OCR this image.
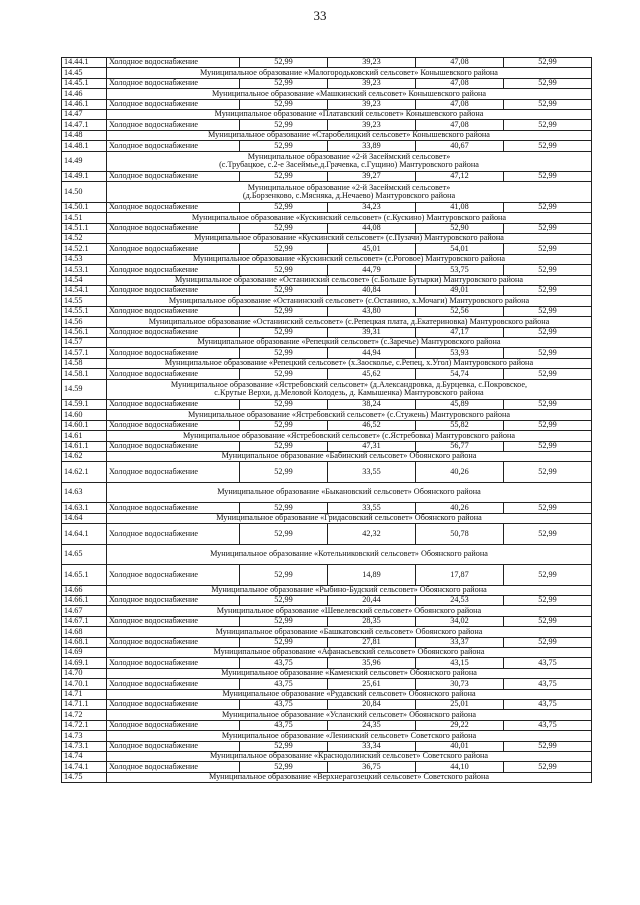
33
14.44.1	Холодное водоснабжение	52,99	39,23	47,08	52,99
14.45	Муниципальное образование «Малогородьковский сельсовет» Конышевского района				
14.45.1	Холодное водоснабжение	52,99	39,23	47,08	52,99
14.46	Муниципальное образование «Машкинский сельсовет» Конышевского района				
14.46.1	Холодное водоснабжение	52,99	39,23	47,08	52,99
14.47	Муниципальное образование «Платавский сельсовет» Конышевского района				
14.47.1	Холодное водоснабжение	52,99	39,23	47,08	52,99
14.48	Муниципальное образование «Старобелицкий сельсовет» Конышевского района				
14.48.1	Холодное водоснабжение	52,99	33,89	40,67	52,99
14.49	Муниципальное образование «2-й Засеймский сельсовет»
(с.Трубацкое, с.2-е Засеймье,д.Грачевка, с.Гущино) Мантуровского района				

14.49.1	Холодное водоснабжение	52,99	39,27	47,12	52,99
14.50	Муниципальное образование «2-й Засеймский сельсовет»
(д.Борзенково, с.Мясняка, д.Нечаево) Мантуровского района				

14.50.1	Холодное водоснабжение	52,99	34,23	41,08	52,99
14.51	Муниципальное образование «Кускинский сельсовет» (с.Кускино) Мантуровского района				
14.51.1	Холодное водоснабжение	52,99	44,08	52,90	52,99
14.52	Муниципальное образование «Кускинский сельсовет» (с.Пузачи) Мантуровского района				
14.52.1	Холодное водоснабжение	52,99	45,01	54,01	52,99
14.53	Муниципальное образование «Кускинский сельсовет» (с.Роговое) Мантуровского района				
14.53.1	Холодное водоснабжение	52,99	44,79	53,75	52,99
14.54	Муниципальное образование «Останинский сельсовет» (с.Больше Бутырки) Мантуровского района				
14.54.1	Холодное водоснабжение	52,99	40,84	49,01	52,99
14.55	Муниципальное образование «Останинский сельсовет» (с.Останино, х.Мочаги) Мантуровского района				
14.55.1	Холодное водоснабжение	52,99	43,80	52,56	52,99
14.56	Муниципальное образование «Останинский сельсовет» (с.Репецкая плата, д.Екатериновка) Мантуровского района				
14.56.1	Холодное водоснабжение	52,99	39,31	47,17	52,99
14.57	Муниципальное образование «Репецкий сельсовет» (с.Заречье) Мантуровского района				
14.57.1	Холодное водоснабжение	52,99	44,94	53,93	52,99
14.58	Муниципальное образование «Репецкий сельсовет» (х.Заосколье, с.Репец, х.Угол) Мантуровского района				
14.58.1	Холодное водоснабжение	52,99	45,62	54,74	52,99
14.59	Муниципальное образование «Ястребовский сельсовет» (д.Александровка, д.Бурцевка, с.Покровское,
с.Крутые Верхи, д.Меловой Колодезь, д. Камышенка) Мантуровского района				

14.59.1	Холодное водоснабжение	52,99	38,24	45,89	52,99
14.60	Муниципальное образование «Ястребовский сельсовет» (с.Стужень) Мантуровского района				
14.60.1	Холодное водоснабжение	52,99	46,52	55,82	52,99
14.61	Муниципальное образование «Ястребовский сельсовет» (с.Ястребовка) Мантуровского района				
14.61.1	Холодное водоснабжение	52,99	47,31	56,77	52,99
14.62	Муниципальное образование «Бабинский сельсовет» Обоянского района				
14.62.1	Холодное водоснабжение	52,99	33,55	40,26	52,99
14.63	Муниципальное образование «Быкановский сельсовет» Обоянского района				
14.63.1	Холодное водоснабжение	52,99	33,55	40,26	52,99
14.64	Муниципальное образование «Гридасовский сельсовет» Обоянского района				
14.64.1	Холодное водоснабжение	52,99	42,32	50,78	52,99
14.65	Муниципальное образование «Котельниковский сельсовет» Обоянского района				
14.65.1	Холодное водоснабжение	52,99	14,89	17,87	52,99
14.66	Муниципальное образование «Рыбино-Будский сельсовет» Обоянского района				
14.66.1	Холодное водоснабжение	52,99	20,44	24,53	52,99
14.67	Муниципальное образование «Шевелевский сельсовет» Обоянского района				
14.67.1	Холодное водоснабжение	52,99	28,35	34,02	52,99
14.68	Муниципальное образование «Башкатовский сельсовет» Обоянского района				
14.68.1	Холодное водоснабжение	52,99	27,81	33,37	52,99
14.69	Муниципальное образование «Афанасьевский сельсовет» Обоянского района				
14.69.1	Холодное водоснабжение	43,75	35,96	43,15	43,75
14.70	Муниципальное образование «Каменский сельсовет» Обоянского района				
14.70.1	Холодное водоснабжение	43,75	25,61	30,73	43,75
14.71	Муниципальное образование «Рудавский сельсовет» Обоянского района				
14.71.1	Холодное водоснабжение	43,75	20,84	25,01	43,75
14.72	Муниципальное образование «Усланский сельсовет» Обоянского района				
14.72.1	Холодное водоснабжение	43,75	24,35	29,22	43,75
14.73	Муниципальное образование «Ленинский сельсовет» Советского района				
14.73.1	Холодное водоснабжение	52,99	33,34	40,01	52,99
14.74	Муниципальное образование «Краснодолинский сельсовет» Советского района				
14.74.1	Холодное водоснабжение	52,99	36,75	44,10	52,99
14.75	Муниципальное образование «Верхнерагозецкий сельсовет» Советского района				
